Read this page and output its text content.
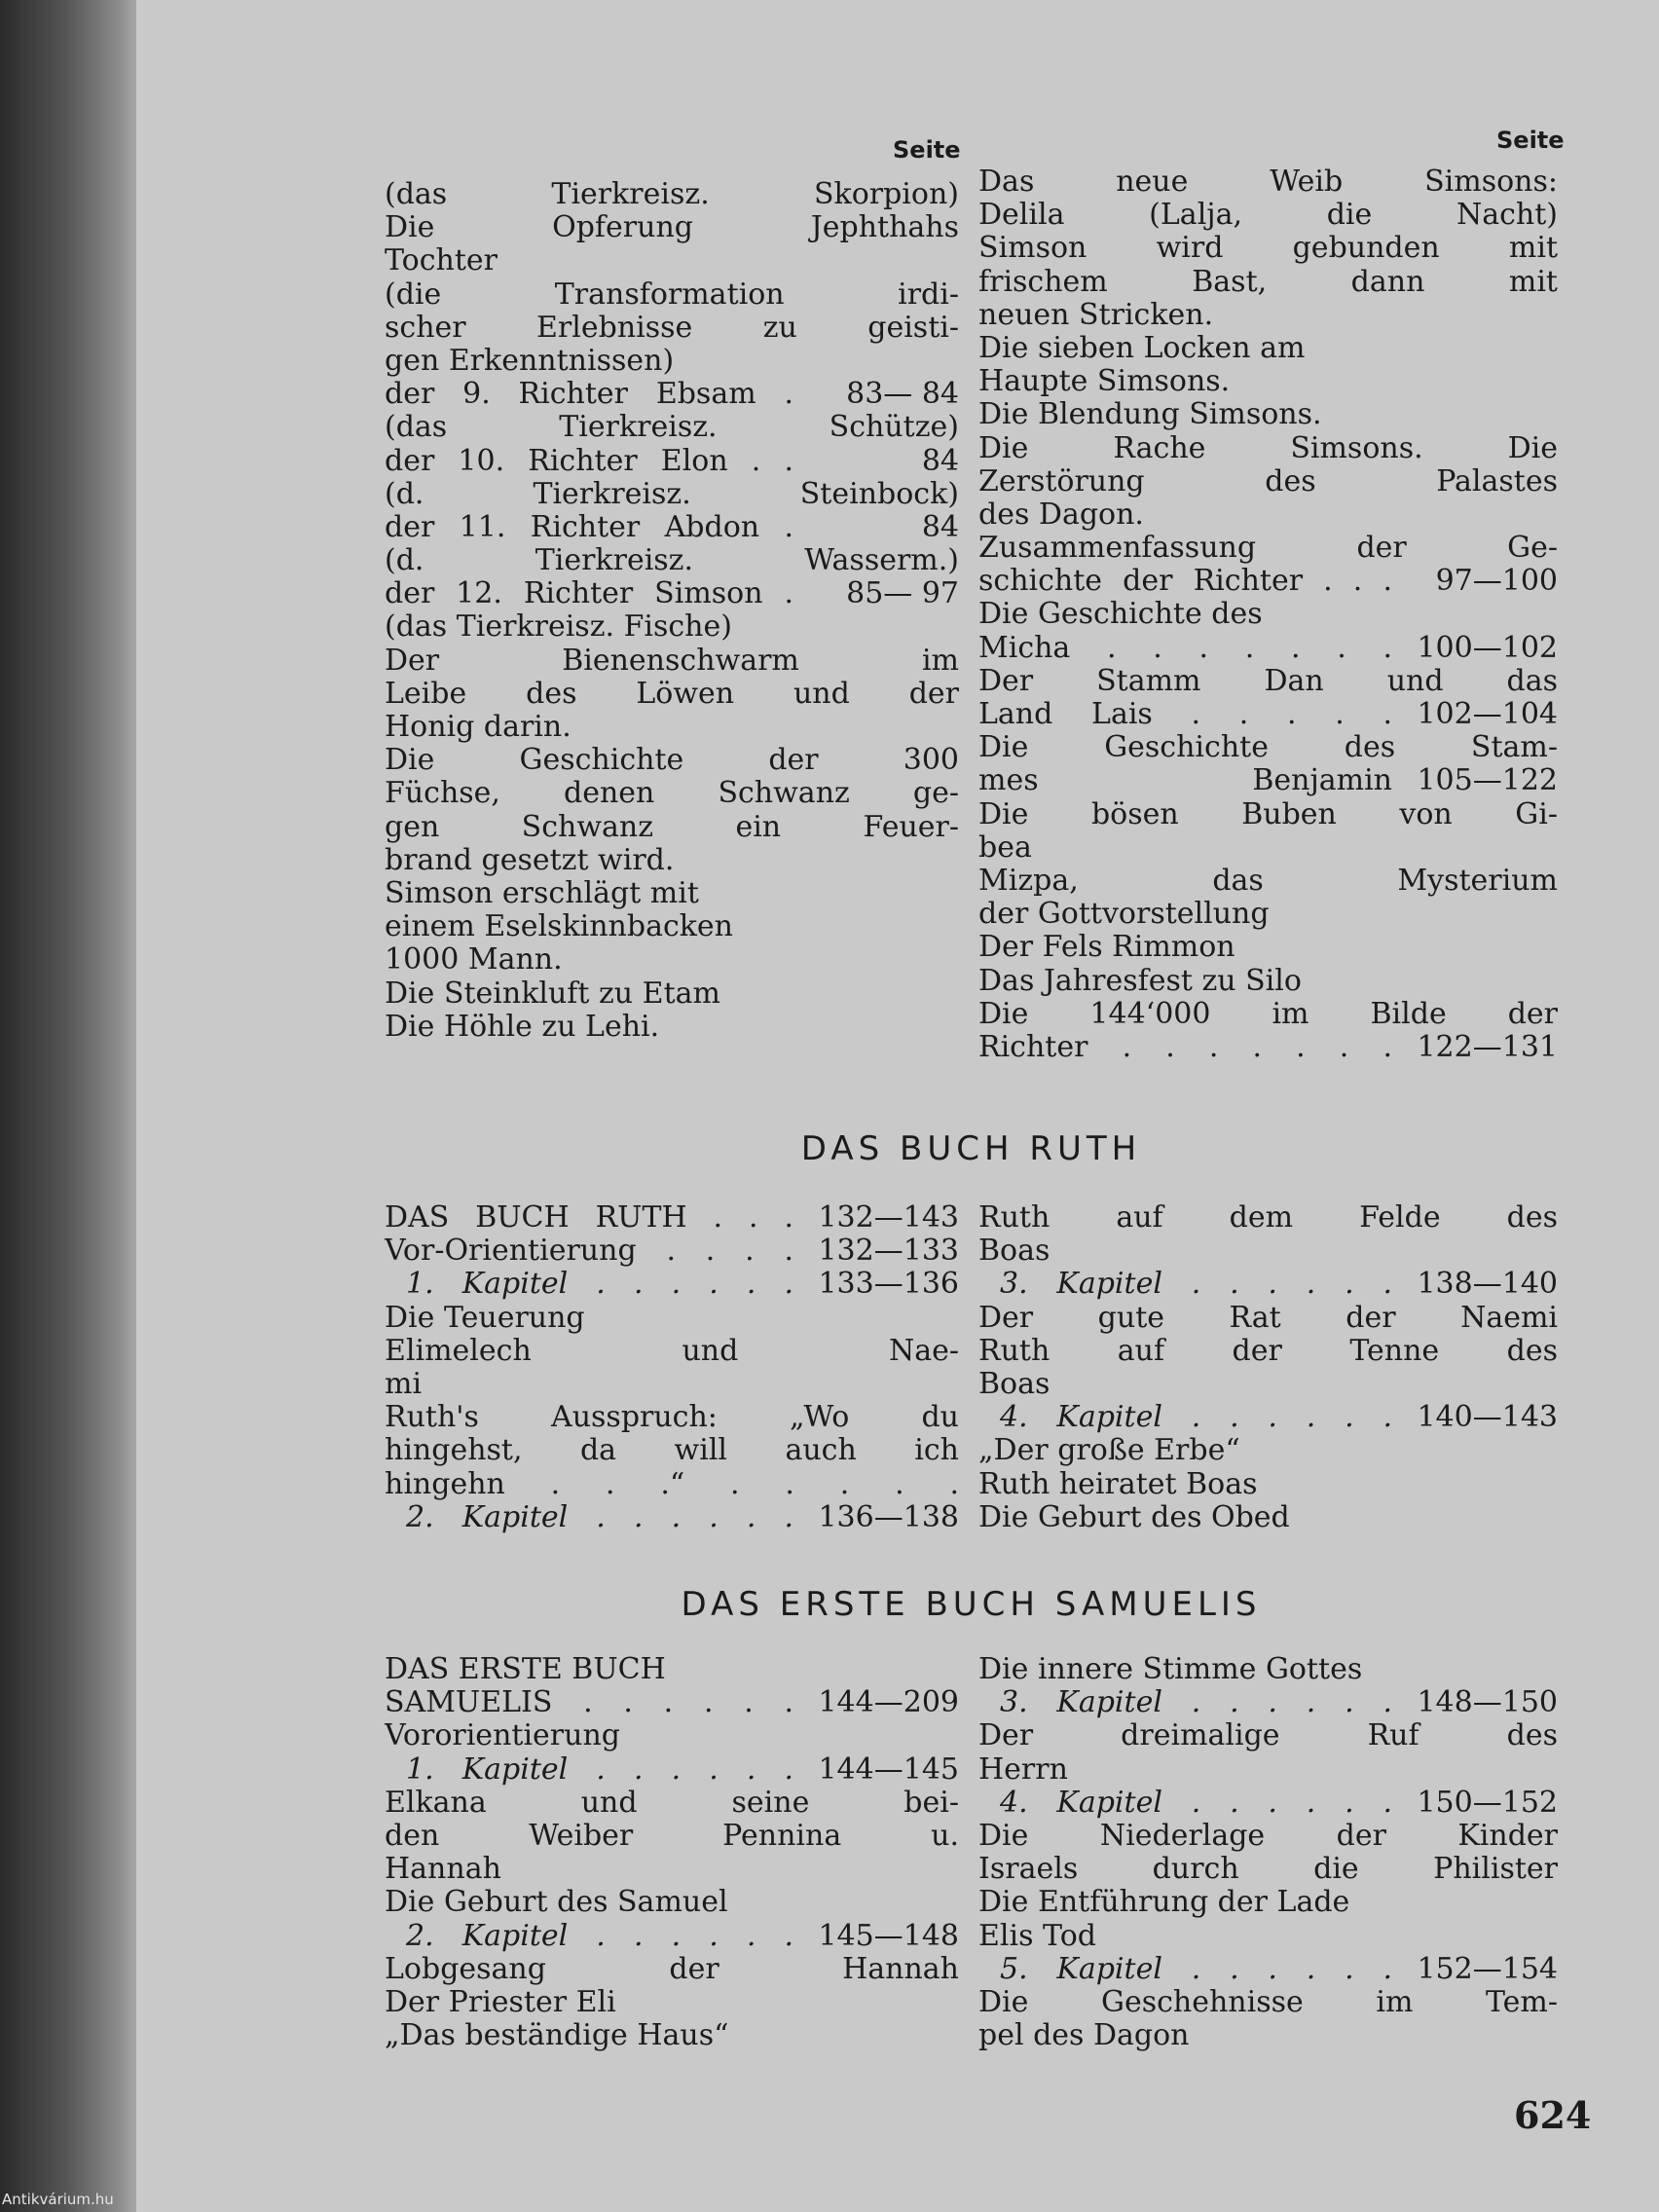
Seite	Seite
(das Tierkreisz. Skorpion)
Die Opferung Jephthahs
Tochter
(die Transformation irdi-
scher Erlebnisse zu geisti-
gen Erkenntnissen)
der 9. Richter Ebsam .	83— 84
(das Tierkreisz. Schütze)
der 10. Richter Elon . .	84
(d. Tierkreisz. Steinbock)
der 11. Richter Abdon .	84
(d. Tierkreisz. Wasserm.)
der 12. Richter Simson .	85— 97
(das Tierkreisz. Fische)
Der Bienenschwarm im
Leibe des Löwen und der
Honig darin.
Die Geschichte der 300
Füchse, denen Schwanz ge-
gen Schwanz ein Feuer-
brand gesetzt wird.
Simson erschlägt mit
einem Eselskinnbacken
1000 Mann.
Die Steinkluft zu Etam
Die Höhle zu Lehi.
Das neue Weib Simsons:
Delila (Lalja, die Nacht)
Simson wird gebunden mit
frischem Bast, dann mit
neuen Stricken.
Die sieben Locken am
Haupte Simsons.
Die Blendung Simsons.
Die Rache Simsons. Die
Zerstörung des Palastes
des Dagon.
Zusammenfassung der Ge-
schichte der Richter . . .	97—100
Die Geschichte des
Micha . . . . . . . 100—102
Der Stamm Dan und das
Land Lais . . . . . 102—104
Die Geschichte des Stam-
mes Benjamin 105—122
Die bösen Buben von Gi-
bea
Mizpa, das Mysterium
der Gottvorstellung
Der Fels Rimmon
Das Jahresfest zu Silo
Die 144‘000 im Bilde der
Richter . . . . . . . 122—131
DAS BUCH RUTH
DAS BUCH RUTH . . . 132—143
Vor-Orientierung . . . . 132—133
1. Kapitel . . . . . . 133—136
Die Teuerung
Elimelech und Nae-
mi
Ruth's Ausspruch: „Wo du
hingehst, da will auch ich
hingehn . . .“ . . . . .
2. Kapitel . . . . . . 136—138
Ruth auf dem Felde des
Boas
3. Kapitel . . . . . . 138—140
Der gute Rat der Naemi
Ruth auf der Tenne des
Boas
4. Kapitel . . . . . . 140—143
„Der große Erbe“
Ruth heiratet Boas
Die Geburt des Obed
DAS ERSTE BUCH SAMUELIS
DAS ERSTE BUCH
SAMUELIS . . . . . . 144—209
Vororientierung
1. Kapitel . . . . . . 144—145
Elkana und seine bei-
den Weiber Pennina u.
Hannah
Die Geburt des Samuel
2. Kapitel . . . . . . 145—148
Lobgesang der Hannah
Der Priester Eli
„Das beständige Haus“
Die innere Stimme Gottes
3. Kapitel . . . . . . 148—150
Der dreimalige Ruf des
Herrn
4. Kapitel . . . . . . 150—152
Die Niederlage der Kinder
Israels durch die Philister
Die Entführung der Lade
Elis Tod
5. Kapitel . . . . . . 152—154
Die Geschehnisse im Tem-
pel des Dagon
624
Antikvárium.hu
